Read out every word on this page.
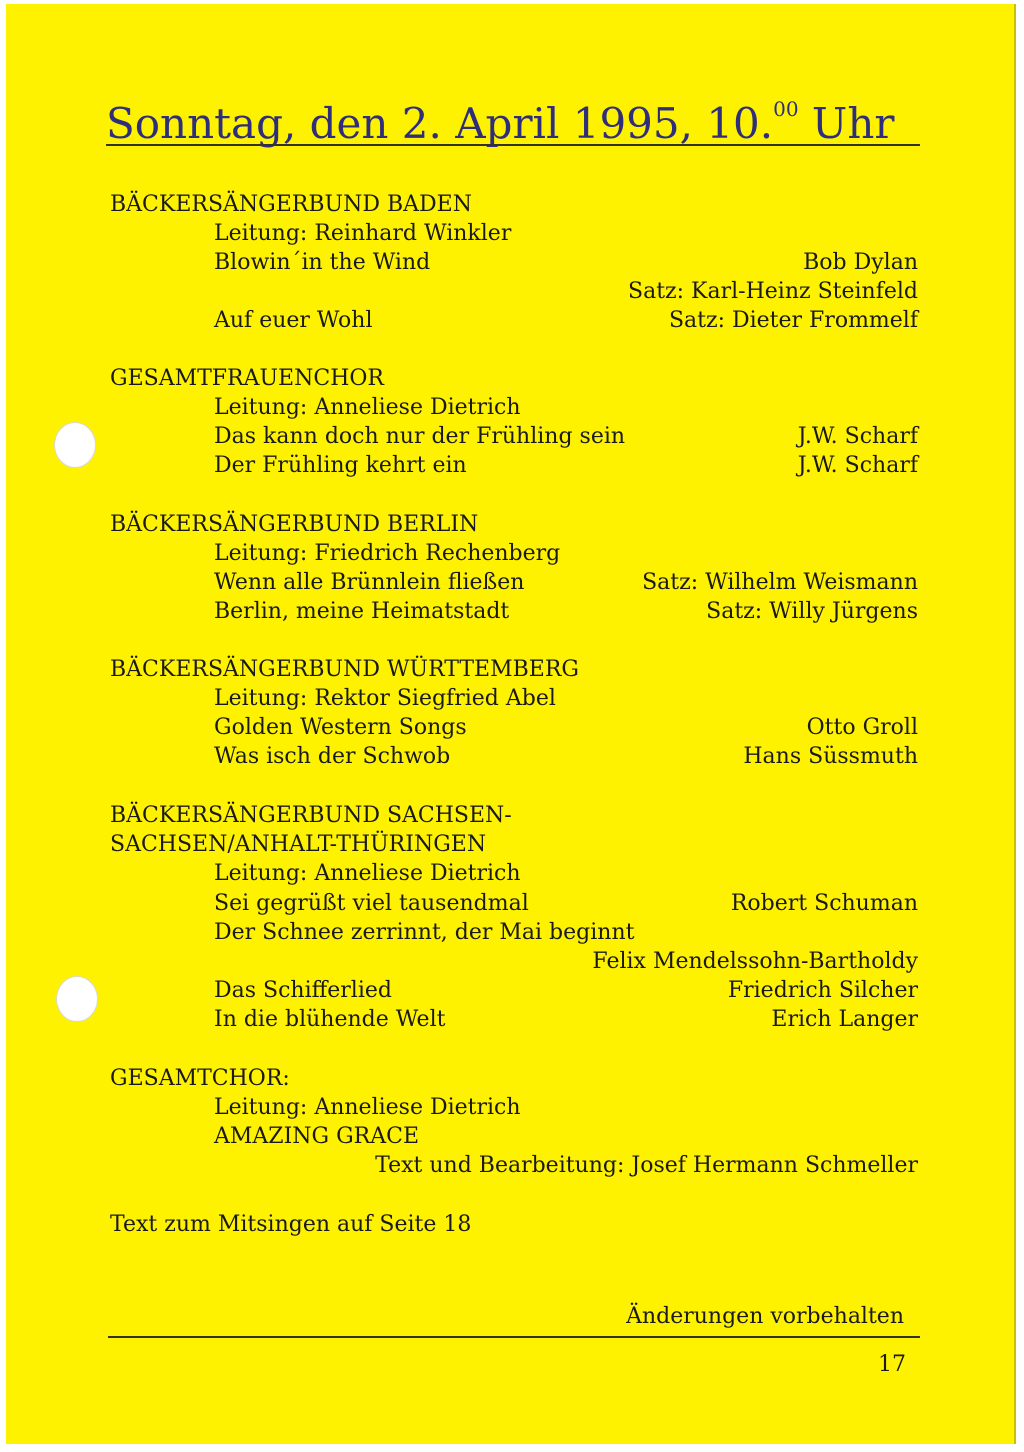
Sonntag, den 2. April 1995, 10.00 Uhr
BÄCKERSÄNGERBUND BADEN
Leitung: Reinhard Winkler
Blowin´in the Wind	Bob Dylan
Satz: Karl-Heinz Steinfeld
Auf euer Wohl	Satz: Dieter Frommelf
GESAMTFRAUENCHOR
Leitung: Anneliese Dietrich
Das kann doch nur der Frühling sein	J.W. Scharf
Der Frühling kehrt ein	J.W. Scharf
BÄCKERSÄNGERBUND BERLIN
Leitung: Friedrich Rechenberg
Wenn alle Brünnlein fließen	Satz: Wilhelm Weismann
Berlin, meine Heimatstadt	Satz: Willy Jürgens
BÄCKERSÄNGERBUND WÜRTTEMBERG
Leitung: Rektor Siegfried Abel
Golden Western Songs	Otto Groll
Was isch der Schwob	Hans Süssmuth
BÄCKERSÄNGERBUND SACHSEN-
SACHSEN/ANHALT-THÜRINGEN
Leitung: Anneliese Dietrich
Sei gegrüßt viel tausendmal	Robert Schuman
Der Schnee zerrinnt, der Mai beginnt
Felix Mendelssohn-Bartholdy
Das Schifferlied	Friedrich Silcher
In die blühende Welt	Erich Langer
GESAMTCHOR:
Leitung: Anneliese Dietrich
AMAZING GRACE
Text und Bearbeitung: Josef Hermann Schmeller
Text zum Mitsingen auf Seite 18
Änderungen vorbehalten
17
